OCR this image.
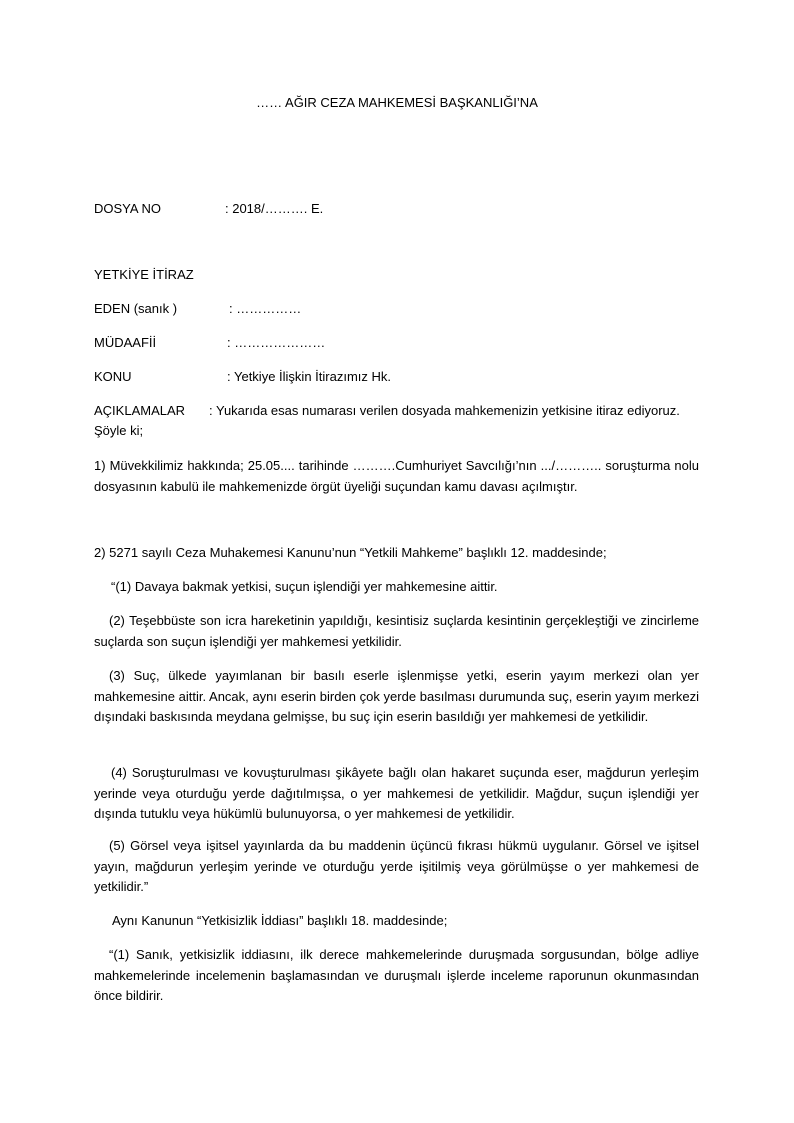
…… AĞIR CEZA MAHKEMESİ BAŞKANLIĞI’NA
DOSYA NO	: 2018/………. E.
YETKİYE İTİRAZ
EDEN (sanık )	: ……………
MÜDAAFİİ	: …………………
KONU	: Yetkiye İlişkin İtirazımız Hk.
AÇIKLAMALAR : Yukarıda esas numarası verilen dosyada mahkemenizin yetkisine itiraz ediyoruz.
Şöyle ki;
1) Müvekkilimiz hakkında; 25.05.... tarihinde ……….Cumhuriyet Savcılığı’nın .../……….. soruşturma nolu dosyasının kabulü ile mahkemenizde örgüt üyeliği suçundan kamu davası açılmıştır.
2) 5271 sayılı Ceza Muhakemesi Kanunu’nun “Yetkili Mahkeme” başlıklı 12. maddesinde;
“(1) Davaya bakmak yetkisi, suçun işlendiği yer mahkemesine aittir.
(2) Teşebbüste son icra hareketinin yapıldığı, kesintisiz suçlarda kesintinin gerçekleştiği ve zincirleme suçlarda son suçun işlendiği yer mahkemesi yetkilidir.
(3) Suç, ülkede yayımlanan bir basılı eserle işlenmişse yetki, eserin yayım merkezi olan yer mahkemesine aittir. Ancak, aynı eserin birden çok yerde basılması durumunda suç, eserin yayım merkezi dışındaki baskısında meydana gelmişse, bu suç için eserin basıldığı yer mahkemesi de yetkilidir.
(4) Soruşturulması ve kovuşturulması şikâyete bağlı olan hakaret suçunda eser, mağdurun yerleşim yerinde veya oturduğu yerde dağıtılmışsa, o yer mahkemesi de yetkilidir. Mağdur, suçun işlendiği yer dışında tutuklu veya hükümlü bulunuyorsa, o yer mahkemesi de yetkilidir.
(5) Görsel veya işitsel yayınlarda da bu maddenin üçüncü fıkrası hükmü uygulanır. Görsel ve işitsel yayın, mağdurun yerleşim yerinde ve oturduğu yerde işitilmiş veya görülmüşse o yer mahkemesi de yetkilidir.”
Aynı Kanunun “Yetkisizlik İddiası” başlıklı 18. maddesinde;
“(1) Sanık, yetkisizlik iddiasını, ilk derece mahkemelerinde duruşmada sorgusundan, bölge adliye mahkemelerinde incelemenin başlamasından ve duruşmalı işlerde inceleme raporunun okunmasından önce bildirir.
